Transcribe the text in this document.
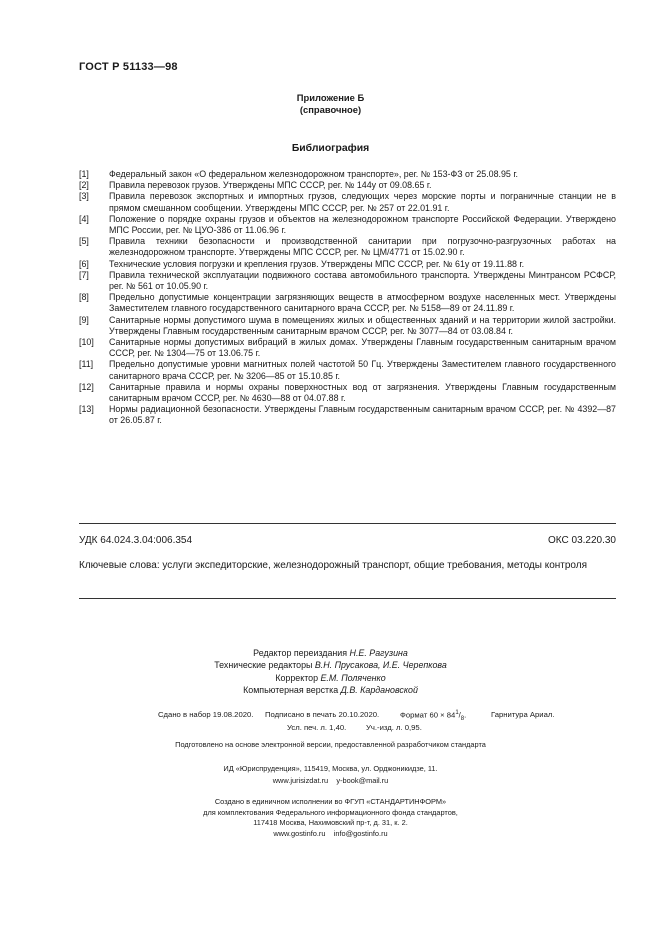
ГОСТ Р 51133—98
Приложение Б
(справочное)
Библиография
[1]	Федеральный закон «О федеральном железнодорожном транспорте», рег. № 153-ФЗ от 25.08.95 г.
[2]	Правила перевозок грузов. Утверждены МПС СССР, рег. № 144у от 09.08.65 г.
[3]	Правила перевозок экспортных и импортных грузов, следующих через морские порты и пограничные станции не в прямом смешанном сообщении. Утверждены МПС СССР, рег. № 257 от 22.01.91 г.
[4]	Положение о порядке охраны грузов и объектов на железнодорожном транспорте Российской Федерации. Утверждено МПС России, рег. № ЦУО-386 от 11.06.96 г.
[5]	Правила техники безопасности и производственной санитарии при погрузочно-разгрузочных работах на железнодорожном транспорте. Утверждены МПС СССР, рег. № ЦМ/4771 от 15.02.90 г.
[6]	Технические условия погрузки и крепления грузов. Утверждены МПС СССР, рег. № 61у от 19.11.88 г.
[7]	Правила технической эксплуатации подвижного состава автомобильного транспорта. Утверждены Минтрансом РСФСР, рег. № 561 от 10.05.90 г.
[8]	Предельно допустимые концентрации загрязняющих веществ в атмосферном воздухе населенных мест. Утверждены Заместителем главного государственного санитарного врача СССР, рег. № 5158—89 от 24.11.89 г.
[9]	Санитарные нормы допустимого шума в помещениях жилых и общественных зданий и на территории жилой застройки. Утверждены Главным государственным санитарным врачом СССР, рег. № 3077—84 от 03.08.84 г.
[10]	Санитарные нормы допустимых вибраций в жилых домах. Утверждены Главным государственным санитарным врачом СССР, рег. № 1304—75 от 13.06.75 г.
[11]	Предельно допустимые уровни магнитных полей частотой 50 Гц. Утверждены Заместителем главного государственного санитарного врача СССР, рег. № 3206—85 от 15.10.85 г.
[12]	Санитарные правила и нормы охраны поверхностных вод от загрязнения. Утверждены Главным государственным санитарным врачом СССР, рег. № 4630—88 от 04.07.88 г.
[13]	Нормы радиационной безопасности. Утверждены Главным государственным санитарным врачом СССР, рег. № 4392—87 от 26.05.87 г.
УДК 64.024.3.04:006.354	ОКС 03.220.30
Ключевые слова: услуги экспедиторские, железнодорожный транспорт, общие требования, методы контроля
Редактор переиздания Н.Е. Рагузина
Технические редакторы В.Н. Прусакова, И.Е. Черепкова
Корректор Е.М. Поляченко
Компьютерная верстка Д.В. Кардановской
Сдано в набор 19.08.2020. Подписано в печать 20.10.2020.	Формат $60 \times 84^1/_8$.	Гарнитура Ариал.
Усл. печ. л. 1,40.	Уч.-изд. л. 0,95.
Подготовлено на основе электронной версии, предоставленной разработчиком стандарта
ИД «Юриспруденция», 115419, Москва, ул. Орджоникидзе, 11.
www.jurisizdat.ru y-book@mail.ru
Создано в единичном исполнении во ФГУП «СТАНДАРТИНФОРМ»
для комплектования Федерального информационного фонда стандартов,
117418 Москва, Нахимовский пр-т, д. 31, к. 2.
www.gostinfo.ru info@gostinfo.ru
